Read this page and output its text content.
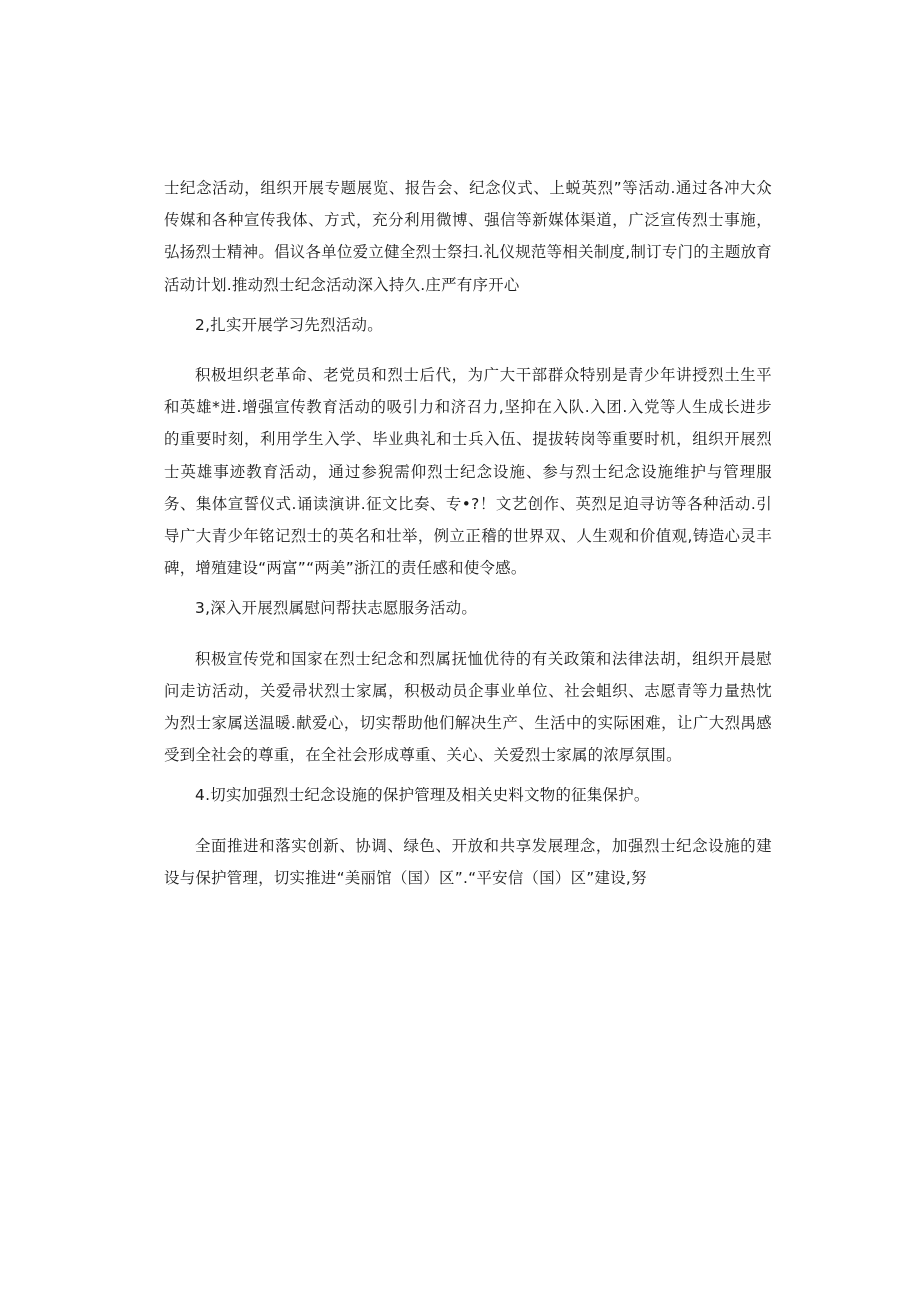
士纪念活动，组织开展专题展览、报告会、纪念仪式、上蜕英烈”等活动.通过各冲大众传媒和各种宣传我体、方式，充分利用微博、强信等新媒体渠道，广泛宣传烈士事施，弘扬烈士精神。倡议各单位爱立健全烈士祭扫.礼仪规范等相关制度,制订专门的主题放育活动计划.推动烈士纪念活动深入持久.庄严有序开心

2,扎实开展学习先烈活动。

积极坦织老革命、老党员和烈士后代，为广大干部群众特别是青少年讲授烈土生平和英雄*进.增强宣传教育活动的吸引力和济召力,坚抑在入队.入团.入党等人生成长进步的重要时刻，利用学生入学、毕业典礼和士兵入伍、提拔转岗等重要时机，组织开展烈士英雄事迹教育活动，通过参猊需仰烈士纪念设施、参与烈士纪念设施维护与管理服务、集体宣誓仪式.诵读演讲.征文比奏、专•?！文艺创作、英烈足迫寻访等各种活动.引导广大青少年铭记烈士的英名和壮举，例立正稽的世界双、人生观和价值观,铸造心灵丰碑，增殖建设“两富”“两美”浙江的责任感和使令感。

3,深入开展烈属慰问帮扶志愿服务活动。

积极宣传党和国家在烈士纪念和烈属抚恤优待的有关政策和法律法胡，组织开晨慰问走访活动，关爱帚状烈士家属，积极动员企事业单位、社会蛆织、志愿青等力量热忱为烈士家属送温暖.献爱心，切实帮助他们解决生产、生活中的实际困难，让广大烈禺感受到全社会的尊重，在全社会形成尊重、关心、关爱烈士家属的浓厚氛围。

4.切实加强烈士纪念设施的保护管理及相关史料文物的征集保护。

全面推进和落实创新、协调、绿色、开放和共享发展理念，加强烈士纪念设施的建设与保护管理，切实推进“美丽馆（国）区”.“平安信（国）区”建设,努
